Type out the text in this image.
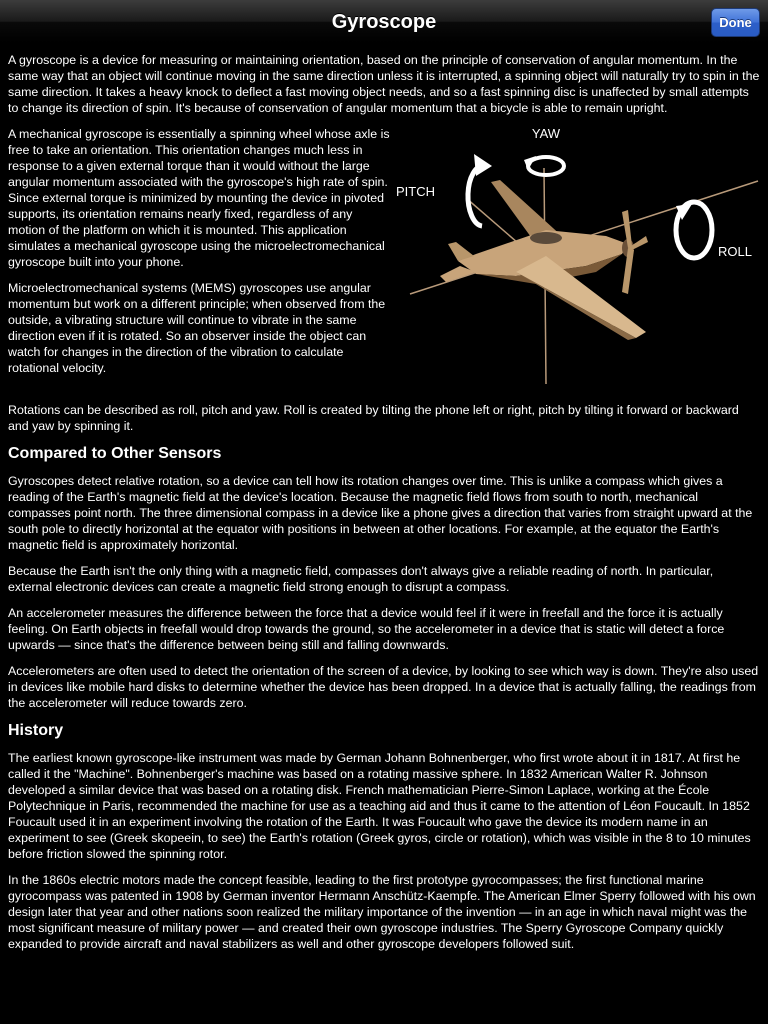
Gyroscope	Done

A gyroscope is a device for measuring or maintaining orientation, based on the principle of conservation of angular momentum. In the same way that an object will continue moving in the same direction unless it is interrupted, a spinning object will naturally try to spin in the same direction. It takes a heavy knock to deflect a fast moving object needs, and so a fast spinning disc is unaffected by small attempts to change its direction of spin. It's because of conservation of angular momentum that a bicycle is able to remain upright.

YAW
PITCH
ROLL

A mechanical gyroscope is essentially a spinning wheel whose axle is free to take an orientation. This orientation changes much less in response to a given external torque than it would without the large angular momentum associated with the gyroscope's high rate of spin. Since external torque is minimized by mounting the device in pivoted supports, its orientation remains nearly fixed, regardless of any motion of the platform on which it is mounted. This application simulates a mechanical gyroscope using the microelectromechanical gyroscope built into your phone.

Microelectromechanical systems (MEMS) gyroscopes use angular momentum but work on a different principle; when observed from the outside, a vibrating structure will continue to vibrate in the same direction even if it is rotated. So an observer inside the object can watch for changes in the direction of the vibration to calculate rotational velocity.

Rotations can be described as roll, pitch and yaw. Roll is created by tilting the phone left or right, pitch by tilting it forward or backward and yaw by spinning it.

Compared to Other Sensors

Gyroscopes detect relative rotation, so a device can tell how its rotation changes over time. This is unlike a compass which gives a reading of the Earth's magnetic field at the device's location. Because the magnetic field flows from south to north, mechanical compasses point north. The three dimensional compass in a device like a phone gives a direction that varies from straight upward at the south pole to directly horizontal at the equator with positions in between at other locations. For example, at the equator the Earth's magnetic field is approximately horizontal.

Because the Earth isn't the only thing with a magnetic field, compasses don't always give a reliable reading of north. In particular, external electronic devices can create a magnetic field strong enough to disrupt a compass.

An accelerometer measures the difference between the force that a device would feel if it were in freefall and the force it is actually feeling. On Earth objects in freefall would drop towards the ground, so the accelerometer in a device that is static will detect a force upwards — since that's the difference between being still and falling downwards.

Accelerometers are often used to detect the orientation of the screen of a device, by looking to see which way is down. They're also used in devices like mobile hard disks to determine whether the device has been dropped. In a device that is actually falling, the readings from the accelerometer will reduce towards zero.

History

The earliest known gyroscope-like instrument was made by German Johann Bohnenberger, who first wrote about it in 1817. At first he called it the "Machine". Bohnenberger's machine was based on a rotating massive sphere. In 1832 American Walter R. Johnson developed a similar device that was based on a rotating disk. French mathematician Pierre-Simon Laplace, working at the École Polytechnique in Paris, recommended the machine for use as a teaching aid and thus it came to the attention of Léon Foucault. In 1852 Foucault used it in an experiment involving the rotation of the Earth. It was Foucault who gave the device its modern name in an experiment to see (Greek skopeein, to see) the Earth's rotation (Greek gyros, circle or rotation), which was visible in the 8 to 10 minutes before friction slowed the spinning rotor.

In the 1860s electric motors made the concept feasible, leading to the first prototype gyrocompasses; the first functional marine gyrocompass was patented in 1908 by German inventor Hermann Anschütz-Kaempfe. The American Elmer Sperry followed with his own design later that year and other nations soon realized the military importance of the invention — in an age in which naval might was the most significant measure of military power — and created their own gyroscope industries. The Sperry Gyroscope Company quickly expanded to provide aircraft and naval stabilizers as well and other gyroscope developers followed suit.
